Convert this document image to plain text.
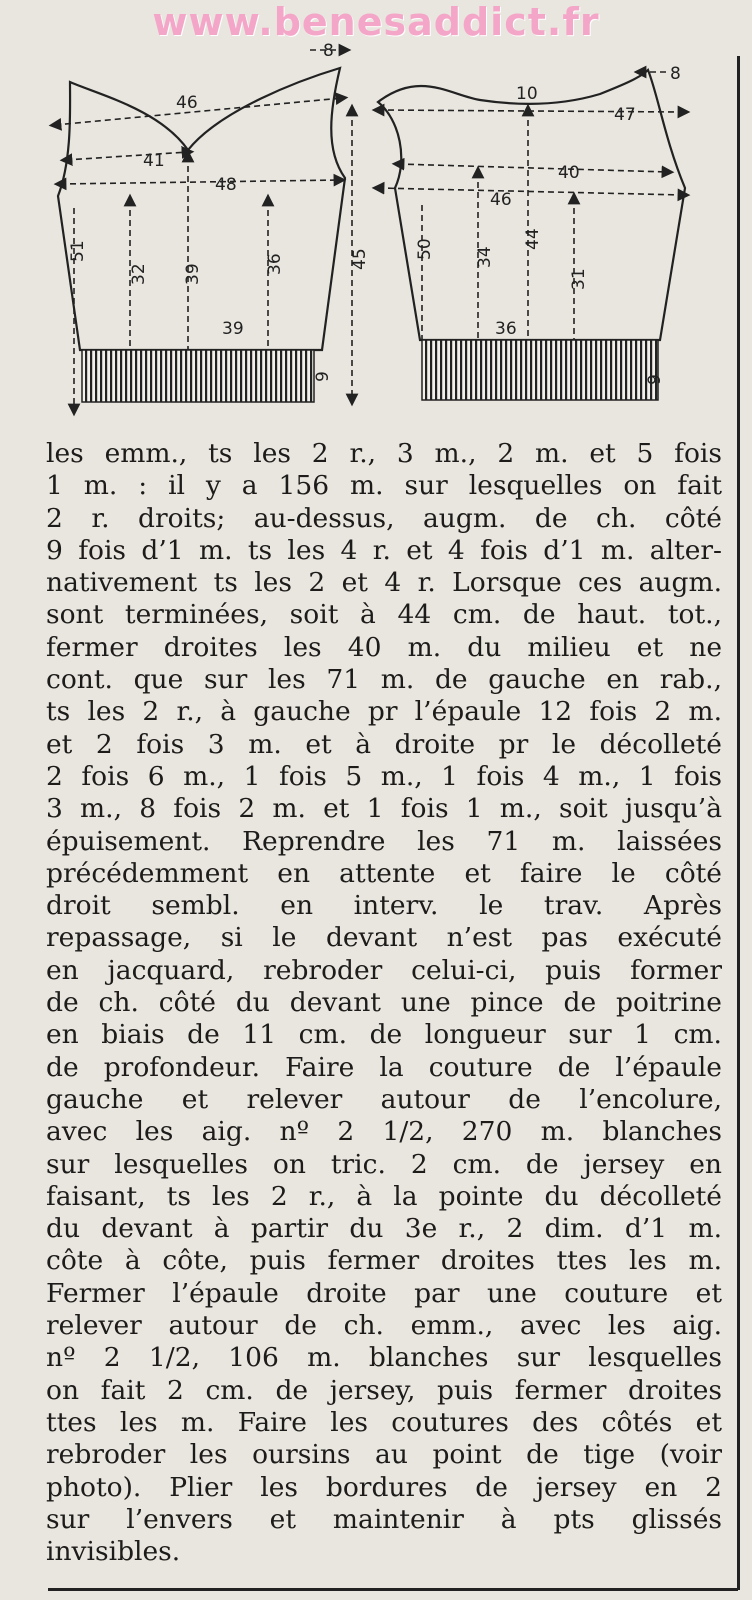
www.benesaddict.fr
8
46
41
48
51
32 39	36	45
39
9
8
10
47
40
46
50 34
44
31
36
9
les emm., ts les 2 r., 3 m., 2 m. et 5 fois
1 m. : il y a 156 m. sur lesquelles on fait
2 r. droits; au-dessus, augm. de ch. côté
9 fois d’1 m. ts les 4 r. et 4 fois d’1 m. alter-
nativement ts les 2 et 4 r. Lorsque ces augm.
sont terminées, soit à 44 cm. de haut. tot.,
fermer droites les 40 m. du milieu et ne
cont. que sur les 71 m. de gauche en rab.,
ts les 2 r., à gauche pr l’épaule 12 fois 2 m.
et 2 fois 3 m. et à droite pr le décolleté
2 fois 6 m., 1 fois 5 m., 1 fois 4 m., 1 fois
3 m., 8 fois 2 m. et 1 fois 1 m., soit jusqu’à
épuisement. Reprendre les 71 m. laissées
précédemment en attente et faire le côté
droit sembl. en interv. le trav. Après
repassage, si le devant n’est pas exécuté
en jacquard, rebroder celui-ci, puis former
de ch. côté du devant une pince de poitrine
en biais de 11 cm. de longueur sur 1 cm.
de profondeur. Faire la couture de l’épaule
gauche et relever autour de l’encolure,
avec les aig. nº 2 1/2, 270 m. blanches
sur lesquelles on tric. 2 cm. de jersey en
faisant, ts les 2 r., à la pointe du décolleté
du devant à partir du 3e r., 2 dim. d’1 m.
côte à côte, puis fermer droites ttes les m.
Fermer l’épaule droite par une couture et
relever autour de ch. emm., avec les aig.
nº 2 1/2, 106 m. blanches sur lesquelles
on fait 2 cm. de jersey, puis fermer droites
ttes les m. Faire les coutures des côtés et
rebroder les oursins au point de tige (voir
photo). Plier les bordures de jersey en 2
sur l’envers et maintenir à pts glissés
invisibles.
